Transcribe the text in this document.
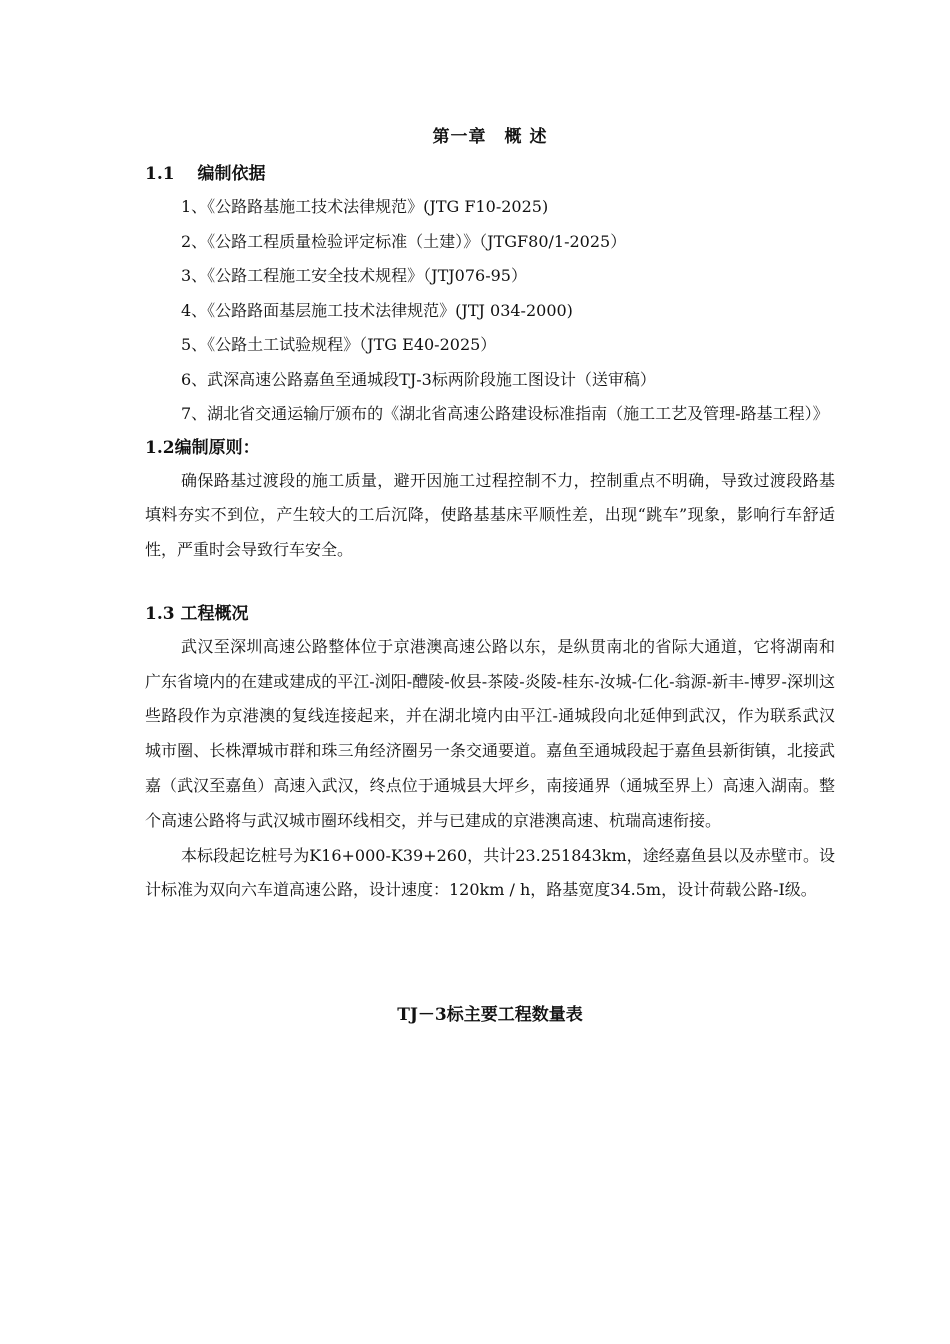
第一章　概 述
1.1　 编制依据
1、《公路路基施工技术法律规范》(JTG F10-2025)
2、《公路工程质量检验评定标准（土建）》（JTGF80/1-2025）
3、《公路工程施工安全技术规程》（JTJ076-95）
4、《公路路面基层施工技术法律规范》(JTJ 034-2000)
5、《公路土工试验规程》（JTG E40-2025）
6、武深高速公路嘉鱼至通城段TJ-3标两阶段施工图设计（送审稿）
7、湖北省交通运输厅颁布的《湖北省高速公路建设标准指南（施工工艺及管理-路基工程）》
1.2编制原则：

确保路基过渡段的施工质量，避开因施工过程控制不力，控制重点不明确，导致过渡段路基填料夯实不到位，产生较大的工后沉降，使路基基床平顺性差，出现“跳车”现象，影响行车舒适性，严重时会导致行车安全。

1.3 工程概况

武汉至深圳高速公路整体位于京港澳高速公路以东，是纵贯南北的省际大通道，它将湖南和广东省境内的在建或建成的平江-浏阳-醴陵-攸县-茶陵-炎陵-桂东-汝城-仁化-翁源-新丰-博罗-深圳这些路段作为京港澳的复线连接起来，并在湖北境内由平江-通城段向北延伸到武汉，作为联系武汉城市圈、长株潭城市群和珠三角经济圈另一条交通要道。嘉鱼至通城段起于嘉鱼县新街镇，北接武嘉（武汉至嘉鱼）高速入武汉，终点位于通城县大坪乡，南接通界（通城至界上）高速入湖南。整个高速公路将与武汉城市圈环线相交，并与已建成的京港澳高速、杭瑞高速衔接。

本标段起讫桩号为K16+000-K39+260，共计23.251843km，途经嘉鱼县以及赤壁市。设计标准为双向六车道高速公路，设计速度：120km / h，路基宽度34.5m，设计荷载公路-Ⅰ级。

TJ－3标主要工程数量表
